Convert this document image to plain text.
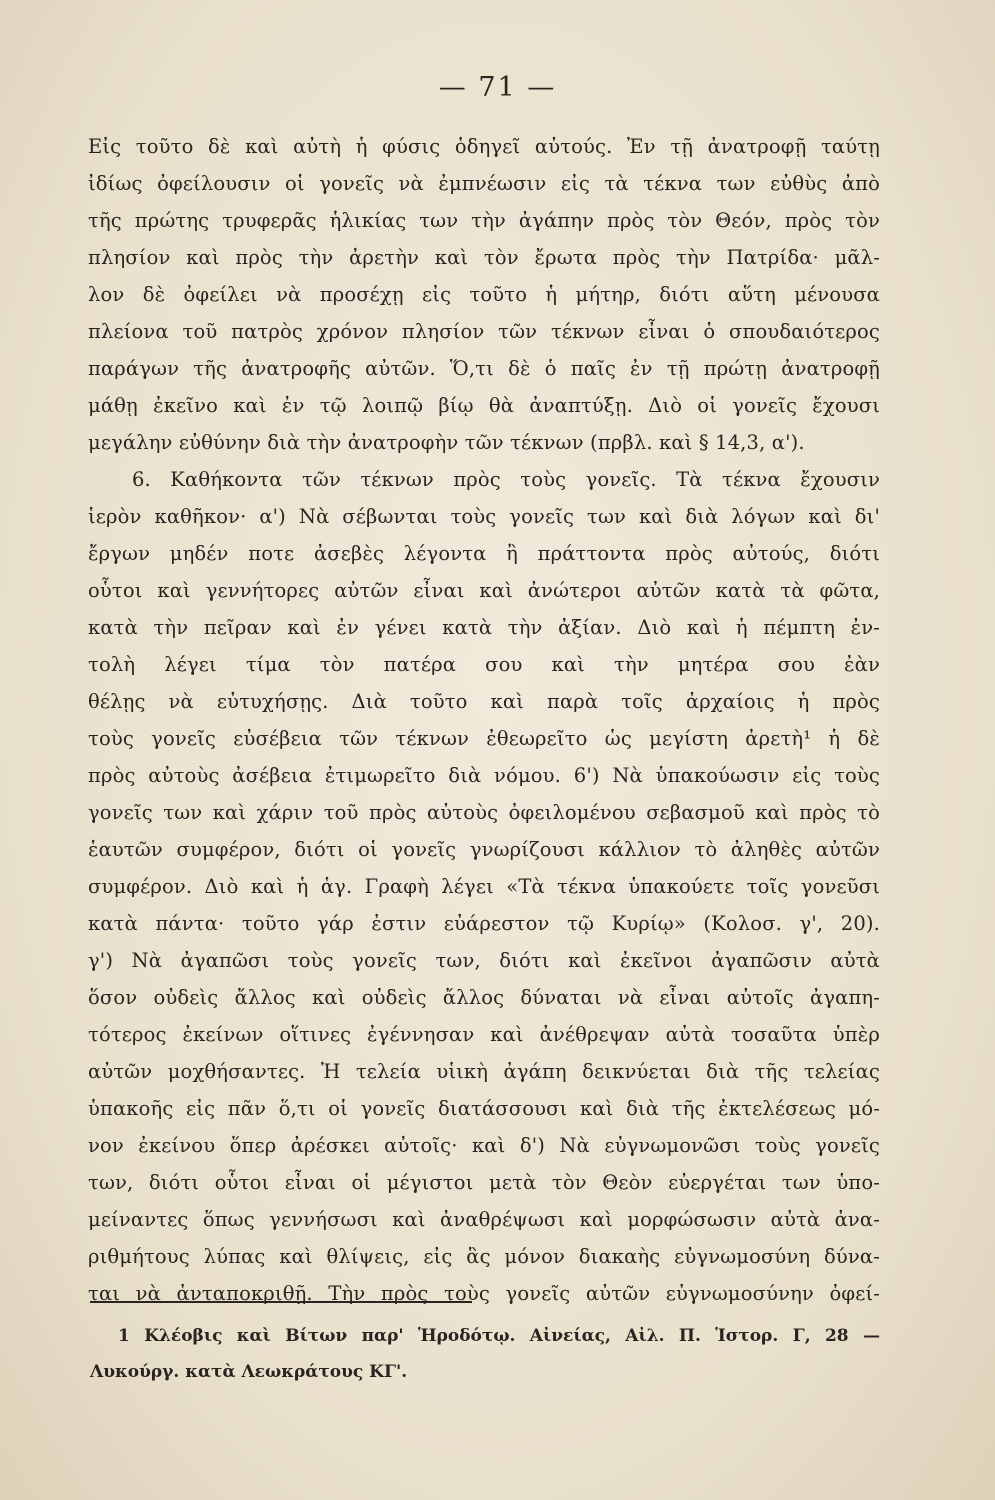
— 71 —
Εἰς τοῦτο δὲ καὶ αὐτὴ ἡ φύσις ὁδηγεῖ αὐτούς. Ἐν τῇ ἀνατροφῇ ταύτῃ
ἰδίως ὀφείλουσιν οἱ γονεῖς νὰ ἐμπνέωσιν εἰς τὰ τέκνα των εὐθὺς ἀπὸ
τῆς πρώτης τρυφερᾶς ἡλικίας των τὴν ἀγάπην πρὸς τὸν Θεόν, πρὸς τὸν
πλησίον καὶ πρὸς τὴν ἀρετὴν καὶ τὸν ἔρωτα πρὸς τὴν Πατρίδα· μᾶλ-
λον δὲ ὀφείλει νὰ προσέχῃ εἰς τοῦτο ἡ μήτηρ, διότι αὕτη μένουσα
πλείονα τοῦ πατρὸς χρόνον πλησίον τῶν τέκνων εἶναι ὁ σπουδαιότερος
παράγων τῆς ἀνατροφῆς αὐτῶν. Ὅ,τι δὲ ὁ παῖς ἐν τῇ πρώτῃ ἀνατροφῇ
μάθῃ ἐκεῖνο καὶ ἐν τῷ λοιπῷ βίῳ θὰ ἀναπτύξῃ. Διὸ οἱ γονεῖς ἔχουσι
μεγάλην εὐθύνην διὰ τὴν ἀνατροφὴν τῶν τέκνων (πρβλ. καὶ § 14,3, α').
6. Καθήκοντα τῶν τέκνων πρὸς τοὺς γονεῖς. Τὰ τέκνα ἔχουσιν
ἱερὸν καθῆκον· α') Νὰ σέβωνται τοὺς γονεῖς των καὶ διὰ λόγων καὶ δι'
ἔργων μηδέν ποτε ἀσεβὲς λέγοντα ἢ πράττοντα πρὸς αὐτούς, διότι
οὗτοι καὶ γεννήτορες αὐτῶν εἶναι καὶ ἀνώτεροι αὐτῶν κατὰ τὰ φῶτα,
κατὰ τὴν πεῖραν καὶ ἐν γένει κατὰ τὴν ἀξίαν. Διὸ καὶ ἡ πέμπτη ἐν-
τολὴ λέγει τίμα τὸν πατέρα σου καὶ τὴν μητέρα σου ἐὰν
θέλῃς νὰ εὐτυχήσῃς. Διὰ τοῦτο καὶ παρὰ τοῖς ἀρχαίοις ἡ πρὸς
τοὺς γονεῖς εὐσέβεια τῶν τέκνων ἐθεωρεῖτο ὡς μεγίστη ἀρετὴ¹ ἡ δὲ
πρὸς αὐτοὺς ἀσέβεια ἐτιμωρεῖτο διὰ νόμου. 6') Νὰ ὑπακούωσιν εἰς τοὺς
γονεῖς των καὶ χάριν τοῦ πρὸς αὐτοὺς ὀφειλομένου σεβασμοῦ καὶ πρὸς τὸ
ἑαυτῶν συμφέρον, διότι οἱ γονεῖς γνωρίζουσι κάλλιον τὸ ἀληθὲς αὐτῶν
συμφέρον. Διὸ καὶ ἡ ἁγ. Γραφὴ λέγει «Τὰ τέκνα ὑπακούετε τοῖς γονεῦσι
κατὰ πάντα· τοῦτο γάρ ἐστιν εὐάρεστον τῷ Κυρίῳ» (Κολοσ. γ', 20).
γ') Νὰ ἀγαπῶσι τοὺς γονεῖς των, διότι καὶ ἐκεῖνοι ἀγαπῶσιν αὐτὰ
ὅσον οὐδεὶς ἄλλος καὶ οὐδεὶς ἄλλος δύναται νὰ εἶναι αὐτοῖς ἀγαπη-
τότερος ἐκείνων οἵτινες ἐγέννησαν καὶ ἀνέθρεψαν αὐτὰ τοσαῦτα ὑπὲρ
αὐτῶν μοχθήσαντες. Ἡ τελεία υἱικὴ ἀγάπη δεικνύεται διὰ τῆς τελείας
ὑπακοῆς εἰς πᾶν ὅ,τι οἱ γονεῖς διατάσσουσι καὶ διὰ τῆς ἐκτελέσεως μό-
νον ἐκείνου ὅπερ ἀρέσκει αὐτοῖς· καὶ δ') Νὰ εὐγνωμονῶσι τοὺς γονεῖς
των, διότι οὗτοι εἶναι οἱ μέγιστοι μετὰ τὸν Θεὸν εὐεργέται των ὑπο-
μείναντες ὅπως γεννήσωσι καὶ ἀναθρέψωσι καὶ μορφώσωσιν αὐτὰ ἀνα-
ριθμήτους λύπας καὶ θλίψεις, εἰς ἃς μόνον διακαὴς εὐγνωμοσύνη δύνα-
ται νὰ ἀνταποκριθῇ. Τὴν πρὸς τοὺς γονεῖς αὐτῶν εὐγνωμοσύνην ὀφεί-
1 Κλέοβις καὶ Βίτων παρ' Ἡροδότῳ. Αἰνείας, Αἰλ. Π. Ἱστορ. Γ, 28 —
Λυκούργ. κατὰ Λεωκράτους ΚΓ'.
